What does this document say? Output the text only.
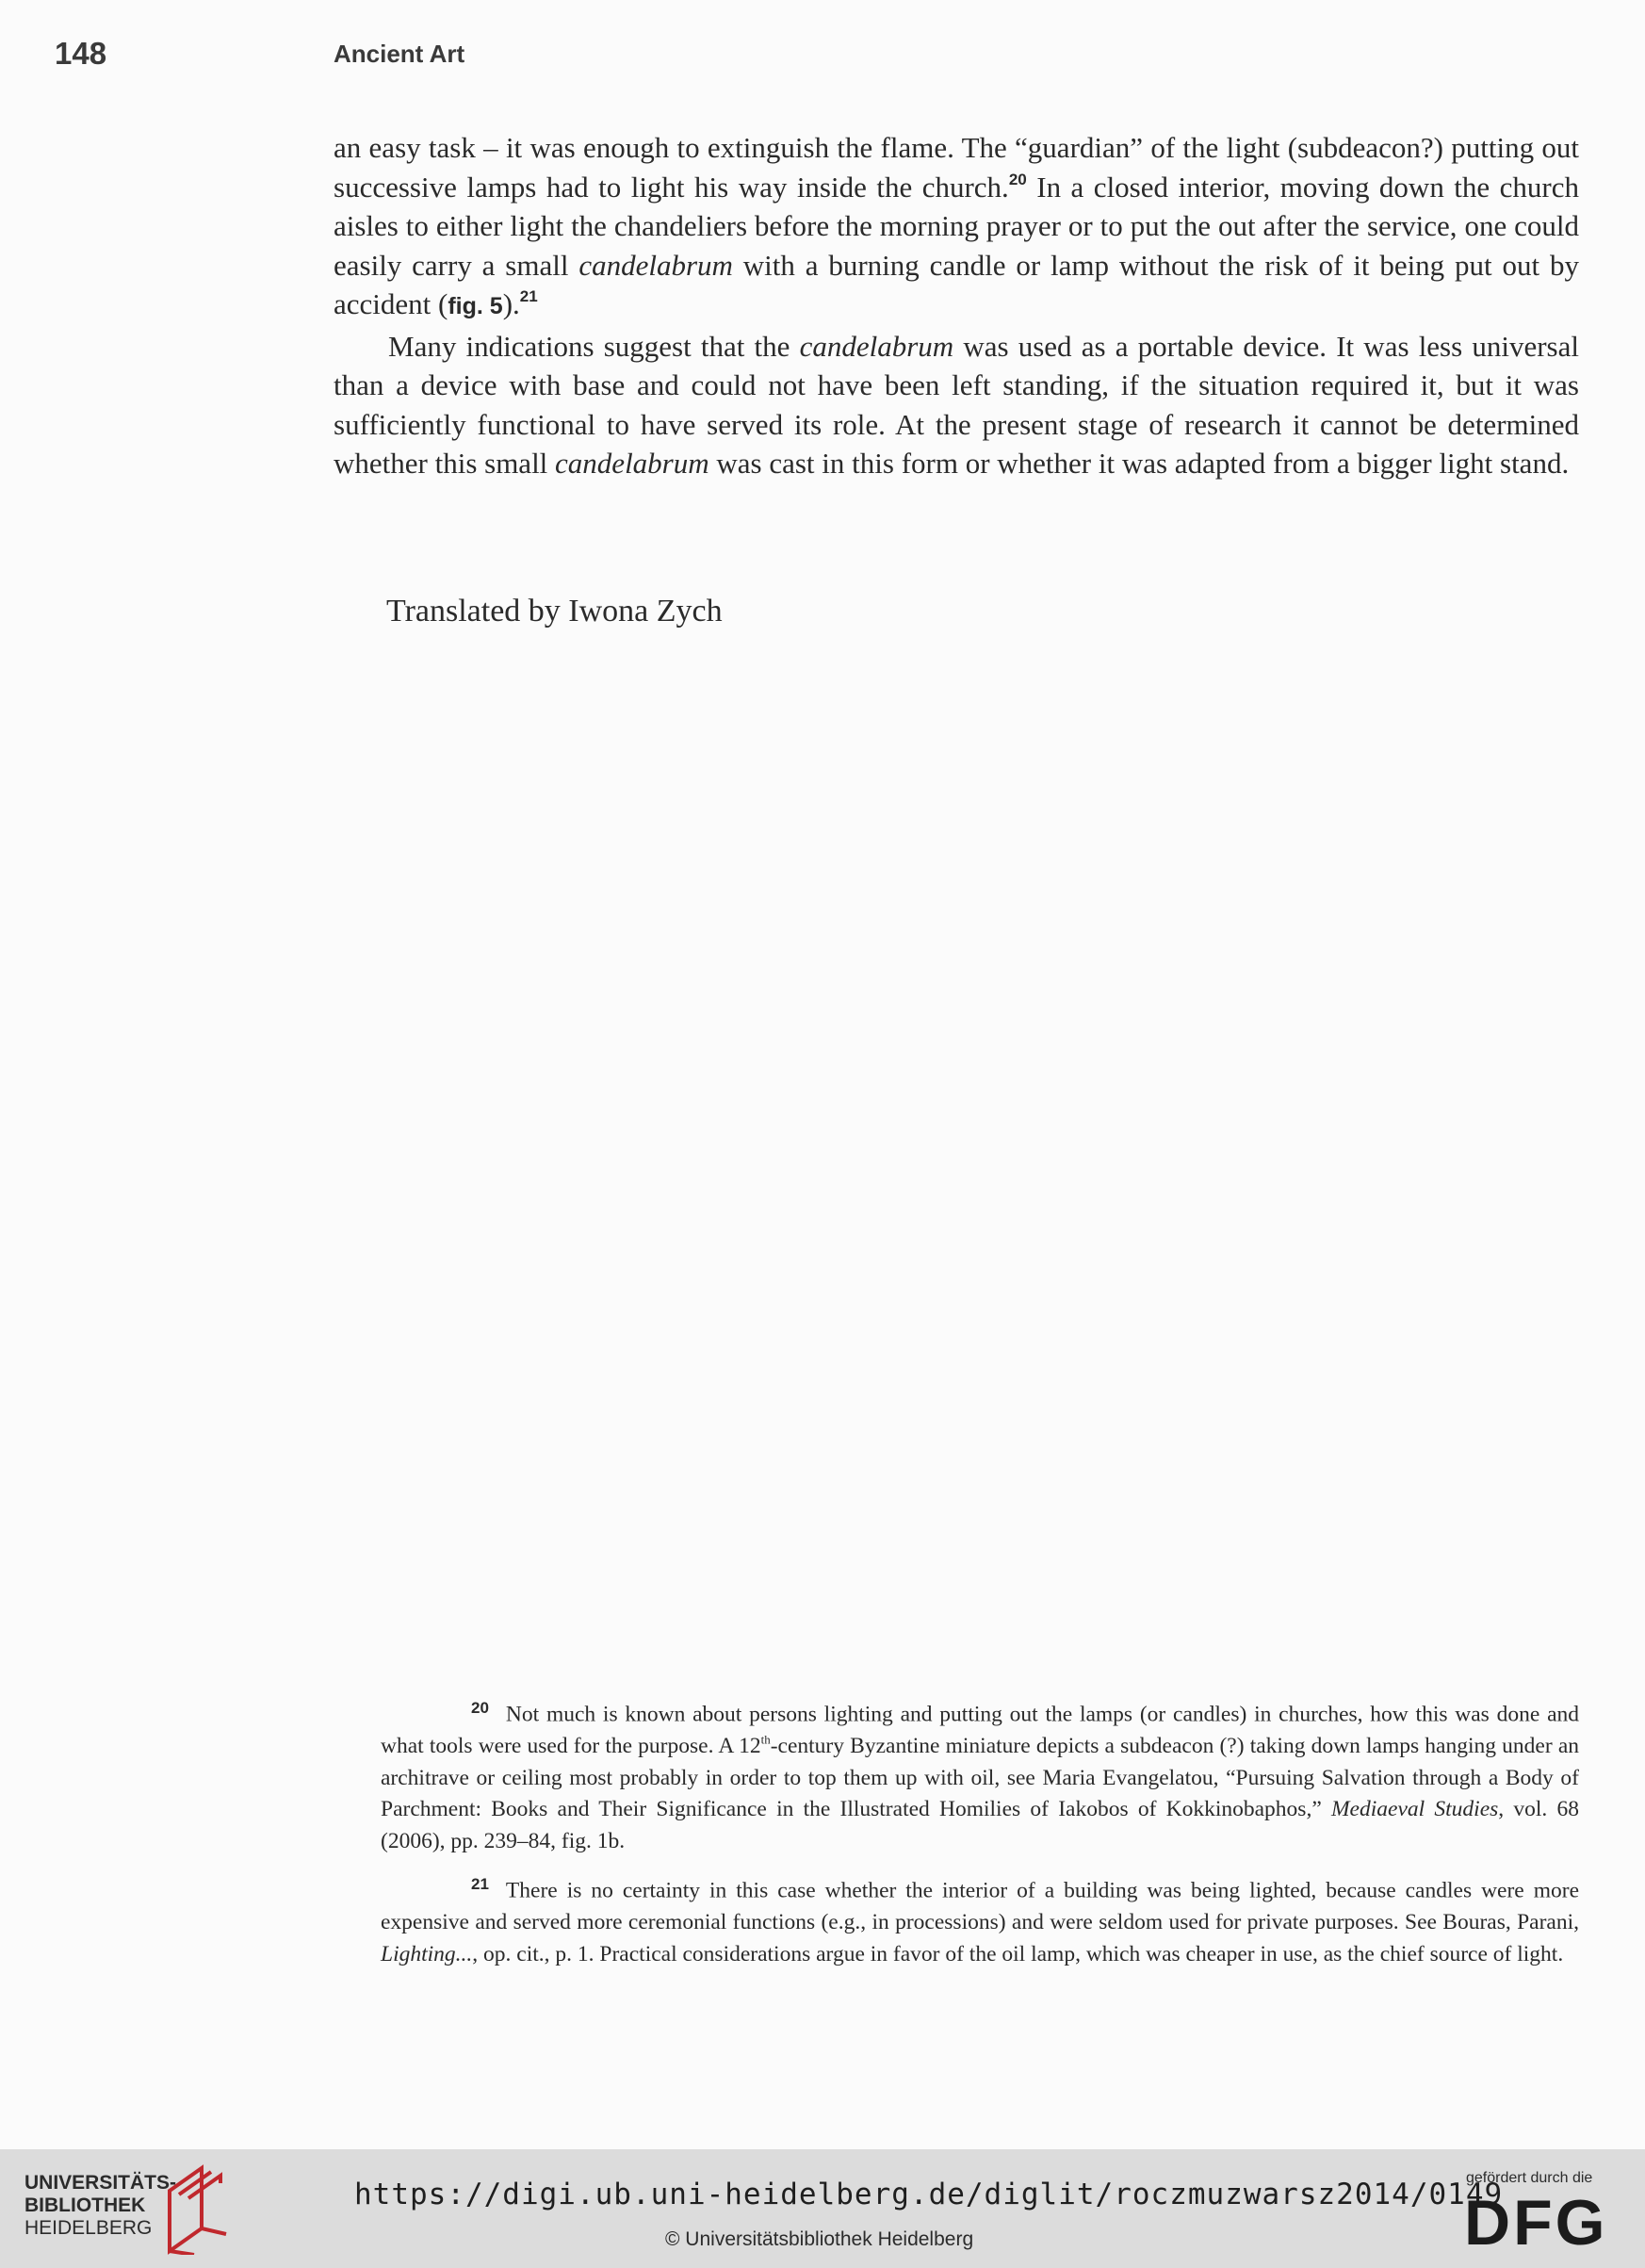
148	Ancient Art

an easy task – it was enough to extinguish the flame. The “guardian” of the light (subdeacon?) putting out successive lamps had to light his way inside the church.$^{20}$ In a closed interior, moving down the church aisles to either light the chandeliers before the morning prayer or to put the out after the service, one could easily carry a small candelabrum with a burning candle or lamp without the risk of it being put out by accident (fig. 5).$^{21}$

Many indications suggest that the candelabrum was used as a portable device. It was less universal than a device with base and could not have been left standing, if the situation required it, but it was sufficiently functional to have served its role. At the present stage of research it cannot be determined whether this small candelabrum was cast in this form or whether it was adapted from a bigger light stand.

Translated by Iwona Zych

$^{20}$ Not much is known about persons lighting and putting out the lamps (or candles) in churches, how this was done and what tools were used for the purpose. A 12th-century Byzantine miniature depicts a subdeacon (?) taking down lamps hanging under an architrave or ceiling most probably in order to top them up with oil, see Maria Evangelatou, “Pursuing Salvation through a Body of Parchment: Books and Their Significance in the Illustrated Homilies of Iakobos of Kokkinobaphos,” Mediaeval Studies, vol. 68 (2006), pp. 239–84, fig. 1b.

$^{21}$ There is no certainty in this case whether the interior of a building was being lighted, because candles were more expensive and served more ceremonial functions (e.g., in processions) and were seldom used for private purposes. See Bouras, Parani, Lighting..., op. cit., p. 1. Practical considerations argue in favor of the oil lamp, which was cheaper in use, as the chief source of light.

UNIVERSITÄTS-
BIBLIOTHEK
HEIDELBERG
https://digi.ub.uni-heidelberg.de/diglit/roczmuzwarsz2014/0149
© Universitätsbibliothek Heidelberg
gefördert durch die
DFG
